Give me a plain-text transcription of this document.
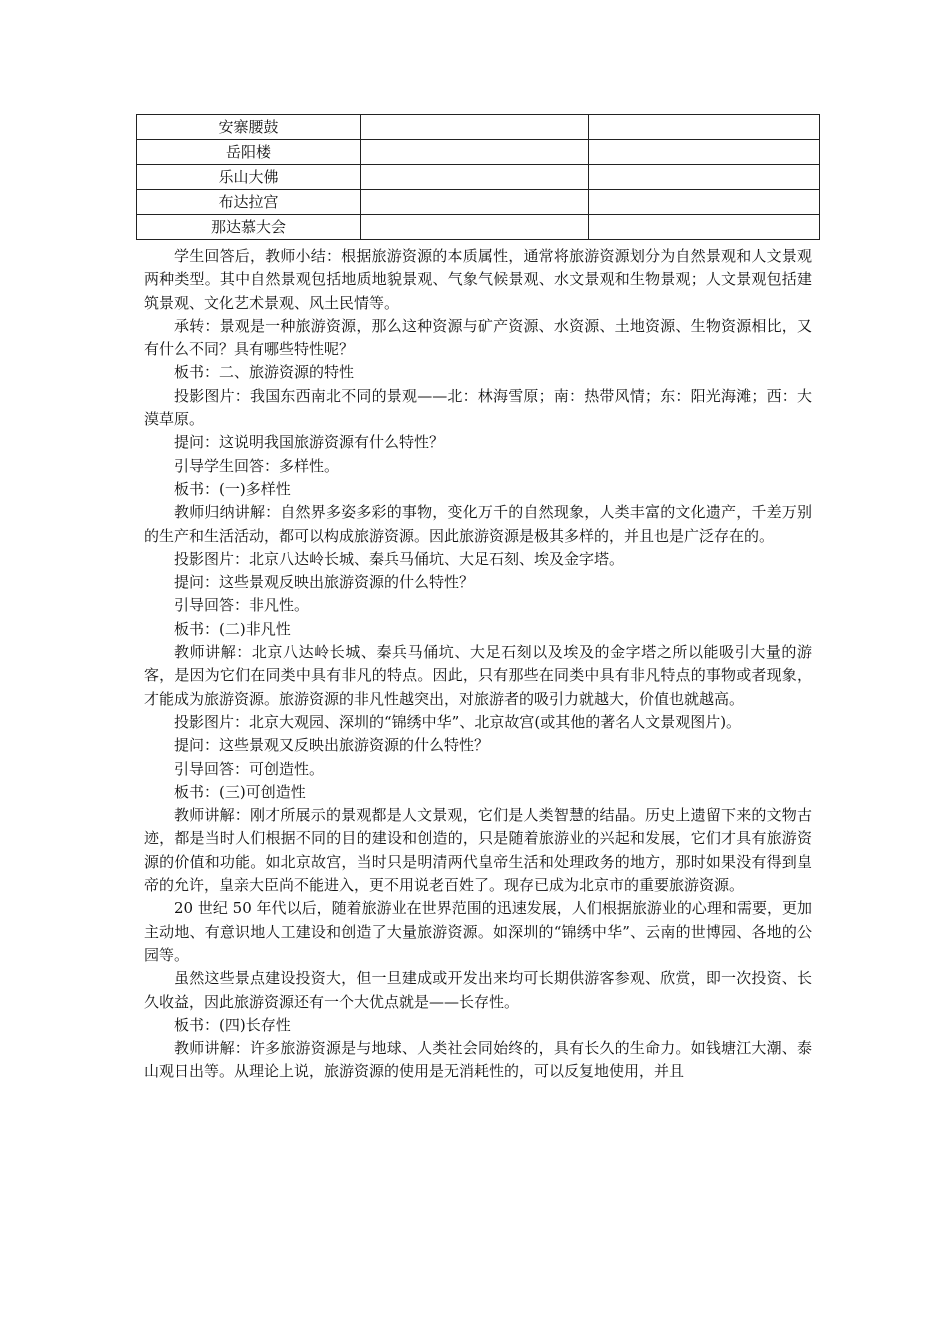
安寨腰鼓		
岳阳楼		
乐山大佛		
布达拉宫		
那达慕大会		

学生回答后，教师小结：根据旅游资源的本质属性，通常将旅游资源划分为自然景观和人文景观两种类型。其中自然景观包括地质地貌景观、气象气候景观、水文景观和生物景观；人文景观包括建筑景观、文化艺术景观、风土民情等。

承转：景观是一种旅游资源，那么这种资源与矿产资源、水资源、土地资源、生物资源相比，又有什么不同？具有哪些特性呢？

板书：二、旅游资源的特性

投影图片：我国东西南北不同的景观——北：林海雪原；南：热带风情；东：阳光海滩；西：大漠草原。

提问：这说明我国旅游资源有什么特性？

引导学生回答：多样性。

板书：(一)多样性

教师归纳讲解：自然界多姿多彩的事物，变化万千的自然现象，人类丰富的文化遗产，千差万别的生产和生活活动，都可以构成旅游资源。因此旅游资源是极其多样的，并且也是广泛存在的。

投影图片：北京八达岭长城、秦兵马俑坑、大足石刻、埃及金字塔。

提问：这些景观反映出旅游资源的什么特性？

引导回答：非凡性。

板书：(二)非凡性

教师讲解：北京八达岭长城、秦兵马俑坑、大足石刻以及埃及的金字塔之所以能吸引大量的游客，是因为它们在同类中具有非凡的特点。因此，只有那些在同类中具有非凡特点的事物或者现象，才能成为旅游资源。旅游资源的非凡性越突出，对旅游者的吸引力就越大，价值也就越高。

投影图片：北京大观园、深圳的“锦绣中华”、北京故宫(或其他的著名人文景观图片)。

提问：这些景观又反映出旅游资源的什么特性？

引导回答：可创造性。

板书：(三)可创造性

教师讲解：刚才所展示的景观都是人文景观，它们是人类智慧的结晶。历史上遗留下来的文物古迹，都是当时人们根据不同的目的建设和创造的，只是随着旅游业的兴起和发展，它们才具有旅游资源的价值和功能。如北京故宫，当时只是明清两代皇帝生活和处理政务的地方，那时如果没有得到皇帝的允许，皇亲大臣尚不能进入，更不用说老百姓了。现存已成为北京市的重要旅游资源。

20 世纪 50 年代以后，随着旅游业在世界范围的迅速发展，人们根据旅游业的心理和需要，更加主动地、有意识地人工建设和创造了大量旅游资源。如深圳的“锦绣中华”、云南的世博园、各地的公园等。

虽然这些景点建设投资大，但一旦建成或开发出来均可长期供游客参观、欣赏，即一次投资、长久收益，因此旅游资源还有一个大优点就是——长存性。

板书：(四)长存性

教师讲解：许多旅游资源是与地球、人类社会同始终的，具有长久的生命力。如钱塘江大潮、泰山观日出等。从理论上说，旅游资源的使用是无消耗性的，可以反复地使用，并且
